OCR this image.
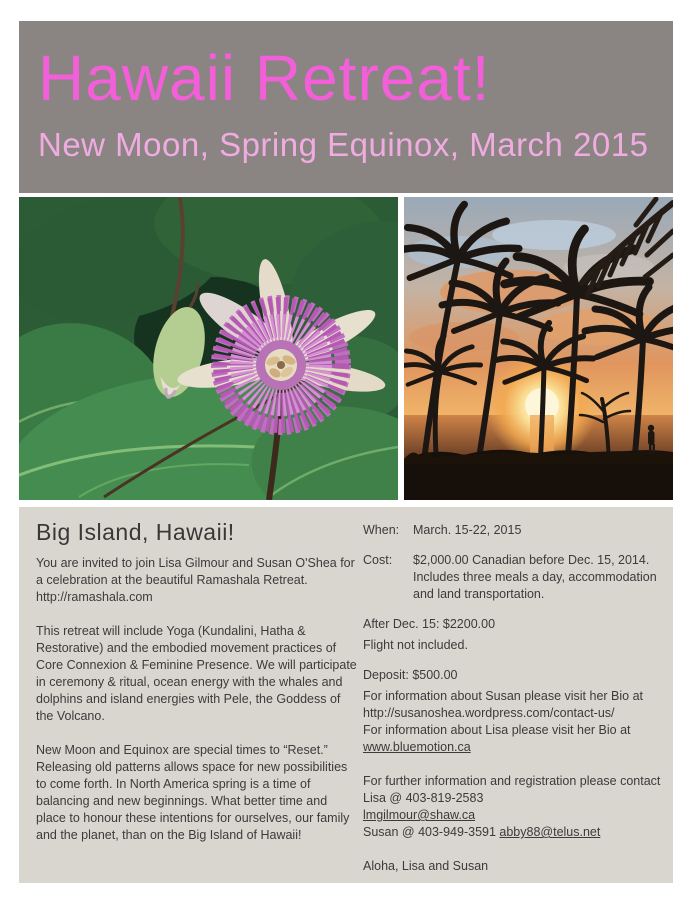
Hawaii Retreat!
New Moon, Spring Equinox, March 2015
Big Island, Hawaii!

You are invited to join Lisa Gilmour and Susan O'Shea for a celebration at the beautiful Ramashala Retreat.
http://ramashala.com

This retreat will include Yoga (Kundalini, Hatha & Restorative) and the embodied movement practices of Core Connexion & Feminine Presence. We will participate in ceremony & ritual, ocean energy with the whales and dolphins and island energies with Pele, the Goddess of the Volcano.

New Moon and Equinox are special times to “Reset.” Releasing old patterns allows space for new possibilities to come forth. In North America spring is a time of balancing and new beginnings. What better time and place to honour these intentions for ourselves, our family and the planet, than on the Big Island of Hawaii!

When:	March. 15-22, 2015
Cost:	$2,000.00 Canadian before Dec. 15, 2014. Includes three meals a day, accommodation and land transportation.
After Dec. 15: $2200.00
Flight not included.
Deposit: $500.00
For information about Susan please visit her Bio at
http://susanoshea.wordpress.com/contact-us/
For information about Lisa please visit her Bio at
www.bluemotion.ca
For further information and registration please contact Lisa @ 403-819-2583
lmgilmour@shaw.ca
Susan @ 403-949-3591 abby88@telus.net
Aloha, Lisa and Susan
